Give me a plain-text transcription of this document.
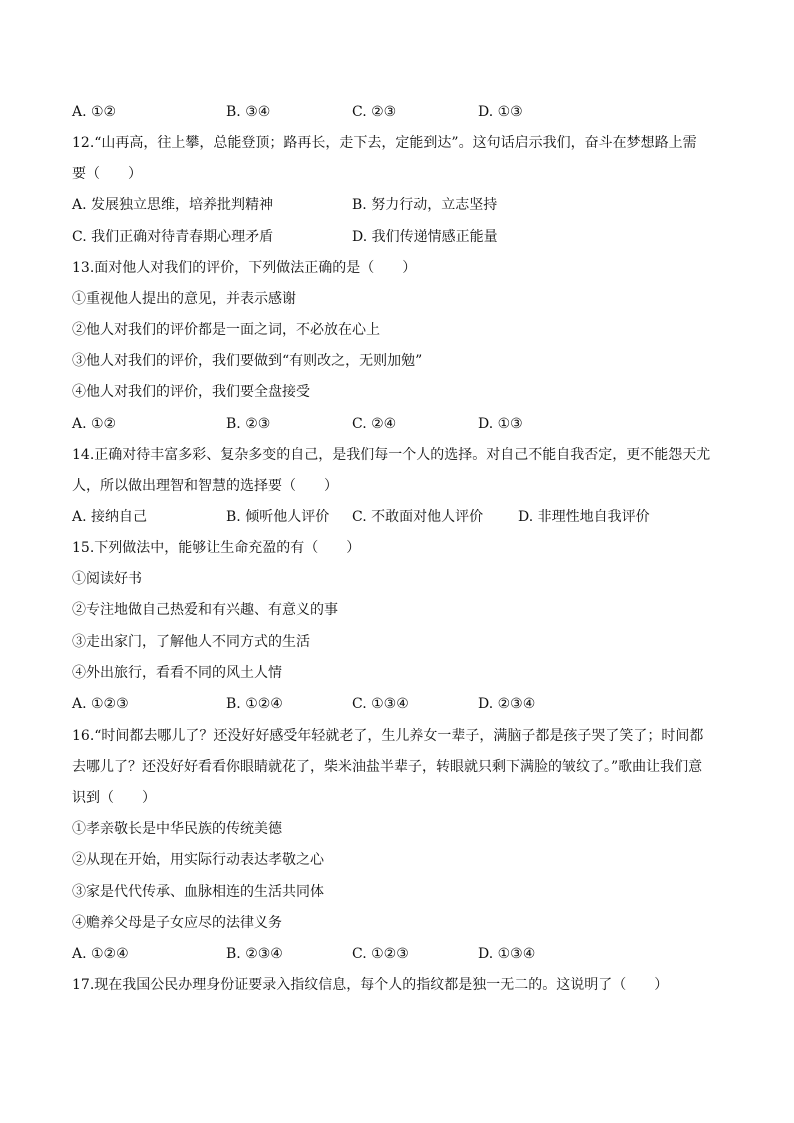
A. ①②	B. ③④	C. ②③	D. ①③
12.“山再高，往上攀，总能登顶；路再长，走下去，定能到达”。这句话启示我们，奋斗在梦想路上需
要（　　）
A. 发展独立思维，培养批判精神	B. 努力行动，立志坚持
C. 我们正确对待青春期心理矛盾	D. 我们传递情感正能量
13.面对他人对我们的评价，下列做法正确的是（　　）
①重视他人提出的意见，并表示感谢
②他人对我们的评价都是一面之词，不必放在心上
③他人对我们的评价，我们要做到“有则改之，无则加勉”
④他人对我们的评价，我们要全盘接受
A. ①②	B. ②③	C. ②④	D. ①③
14.正确对待丰富多彩、复杂多变的自己，是我们每一个人的选择。对自己不能自我否定，更不能怨天尤
人，所以做出理智和智慧的选择要（　　）
A. 接纳自己	B. 倾听他人评价 C. 不敢面对他人评价 D. 非理性地自我评价
15.下列做法中，能够让生命充盈的有（　　）
①阅读好书
②专注地做自己热爱和有兴趣、有意义的事
③走出家门，了解他人不同方式的生活
④外出旅行，看看不同的风土人情
A. ①②③	B. ①②④	C. ①③④	D. ②③④
16.“时间都去哪儿了？还没好好感受年轻就老了，生儿养女一辈子，满脑子都是孩子哭了笑了；时间都
去哪儿了？还没好好看看你眼睛就花了，柴米油盐半辈子，转眼就只剩下满脸的皱纹了。”歌曲让我们意
识到（　　）
①孝亲敬长是中华民族的传统美德
②从现在开始，用实际行动表达孝敬之心
③家是代代传承、血脉相连的生活共同体
④赡养父母是子女应尽的法律义务
A. ①②④	B. ②③④	C. ①②③	D. ①③④
17.现在我国公民办理身份证要录入指纹信息，每个人的指纹都是独一无二的。这说明了（　　）
